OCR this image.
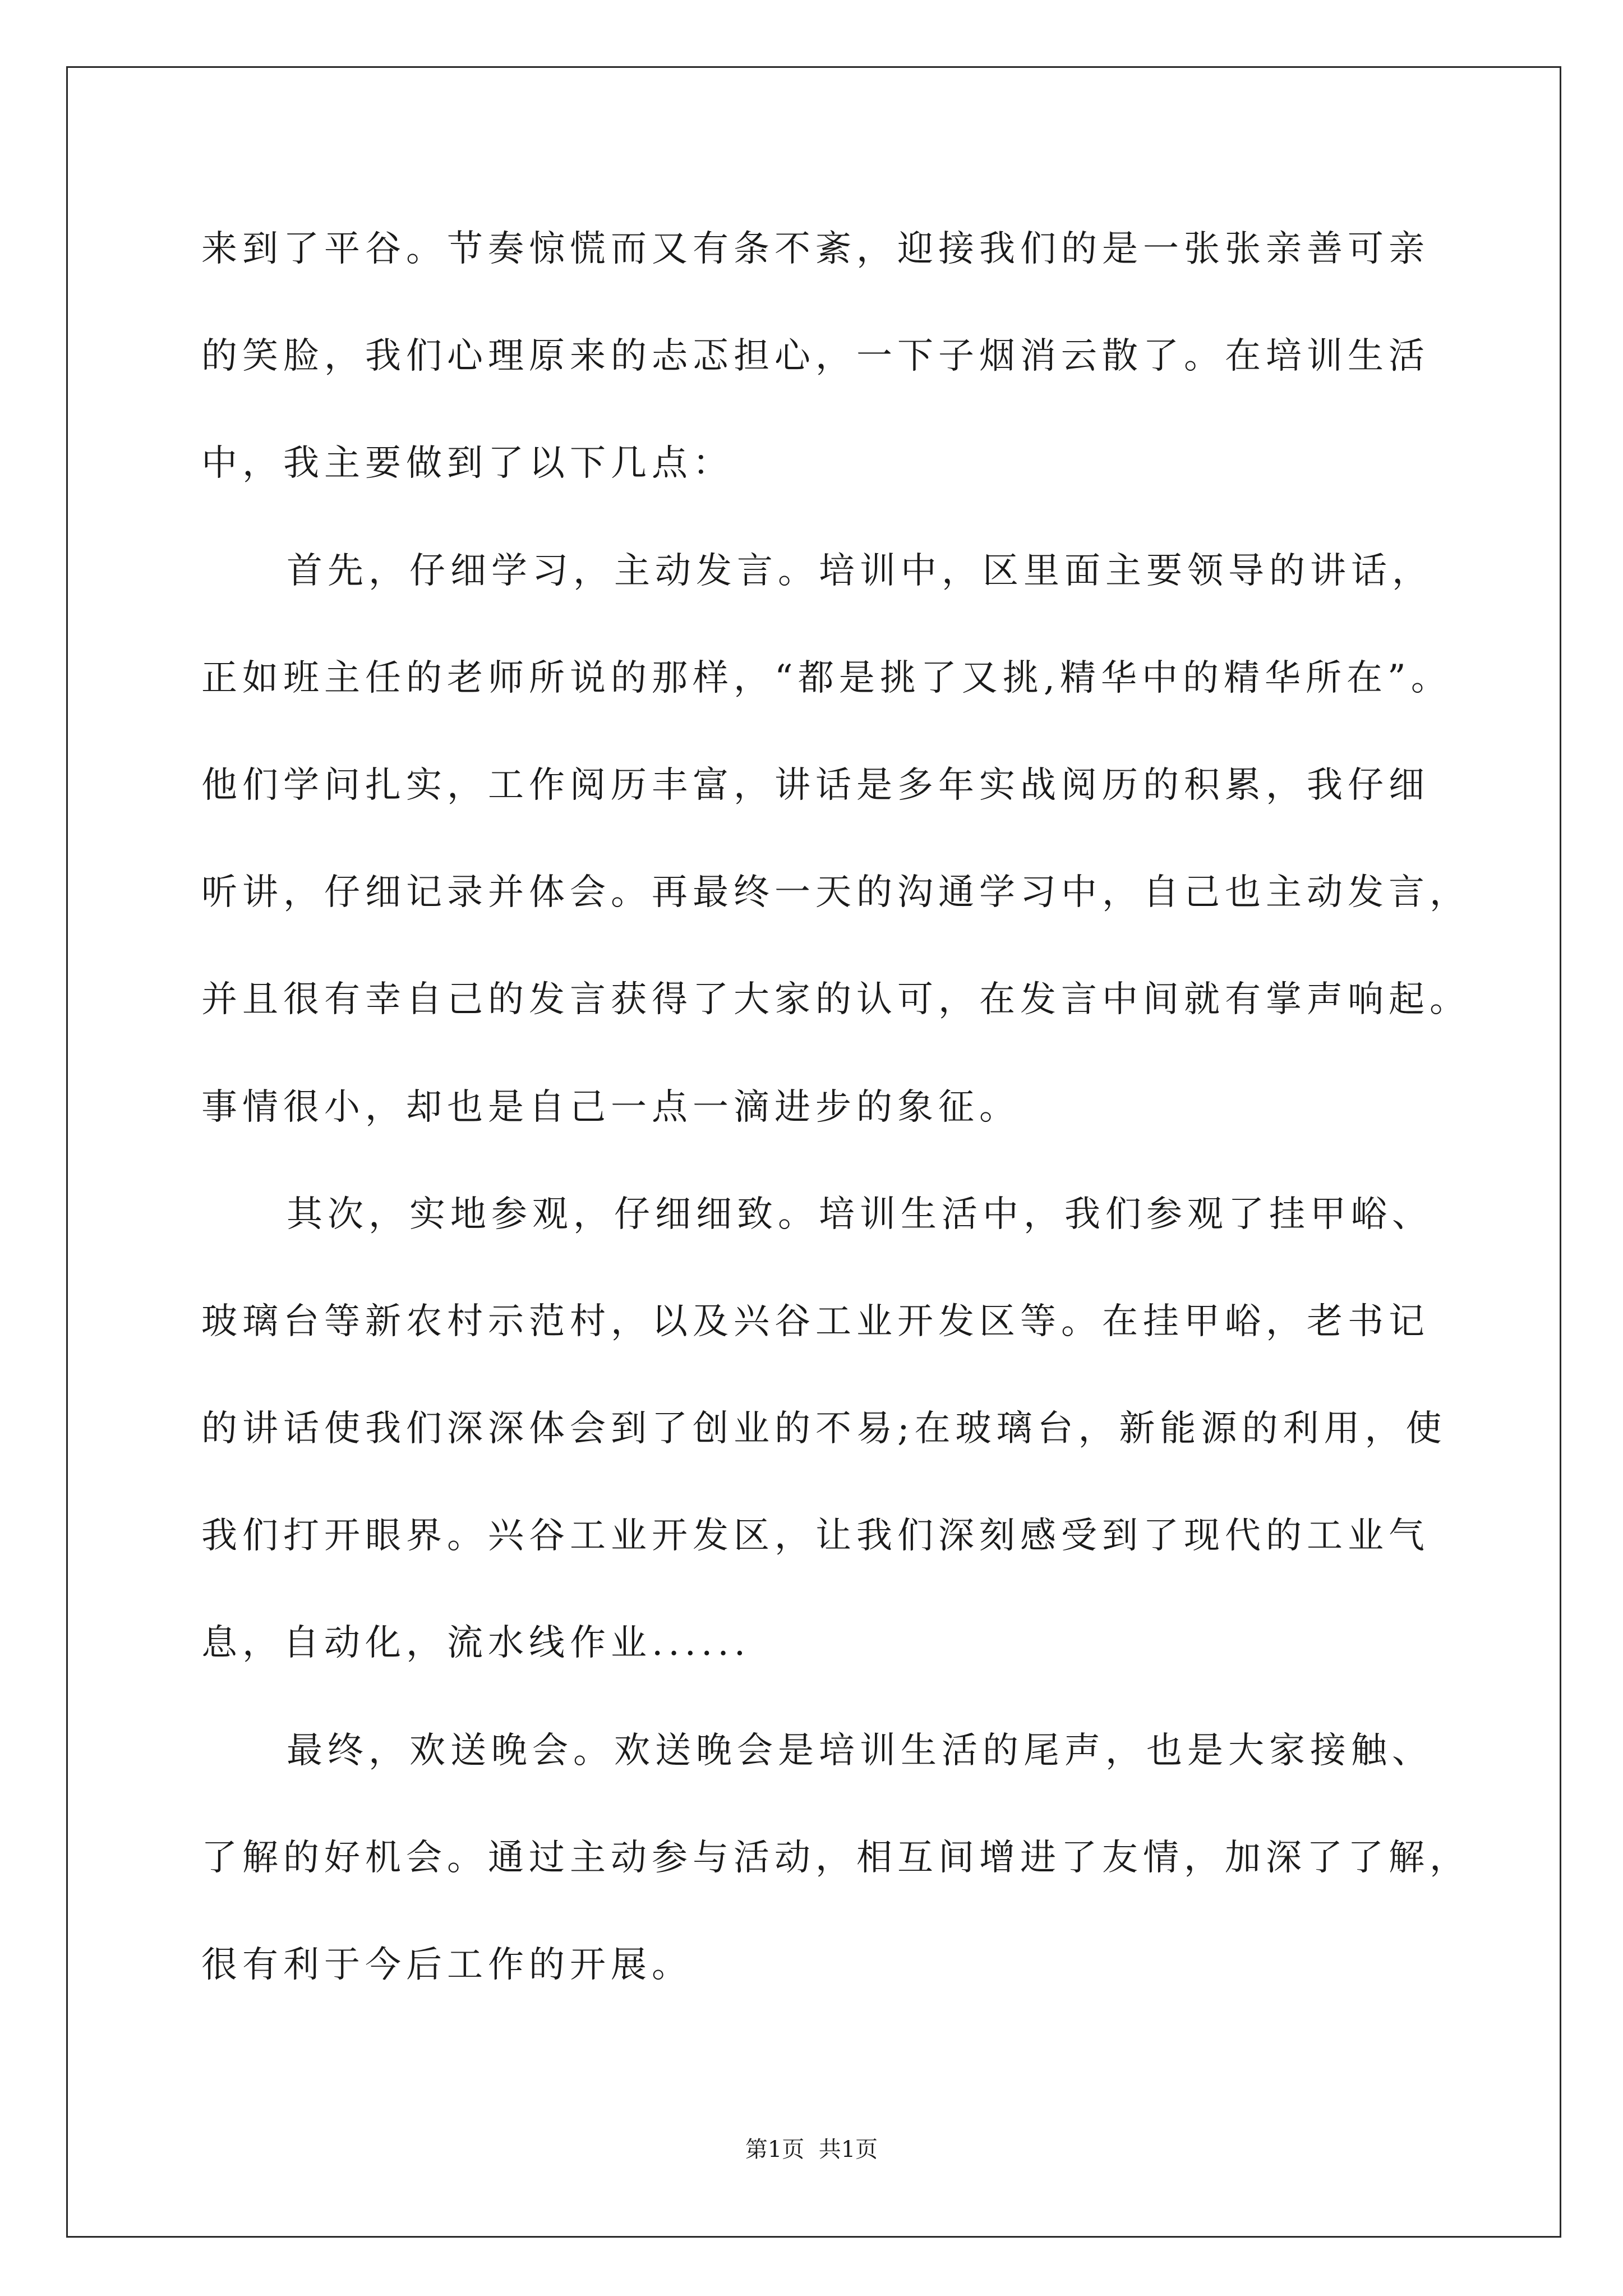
来到了平谷。节奏惊慌而又有条不紊，迎接我们的是一张张亲善可亲
的笑脸，我们心理原来的忐忑担心，一下子烟消云散了。在培训生活
中，我主要做到了以下几点：
首先，仔细学习，主动发言。培训中，区里面主要领导的讲话，
正如班主任的老师所说的那样，“都是挑了又挑,精华中的精华所在”。
他们学问扎实，工作阅历丰富，讲话是多年实战阅历的积累，我仔细
听讲，仔细记录并体会。再最终一天的沟通学习中，自己也主动发言，
并且很有幸自己的发言获得了大家的认可，在发言中间就有掌声响起。
事情很小，却也是自己一点一滴进步的象征。
其次，实地参观，仔细细致。培训生活中，我们参观了挂甲峪、
玻璃台等新农村示范村，以及兴谷工业开发区等。在挂甲峪，老书记
的讲话使我们深深体会到了创业的不易;在玻璃台，新能源的利用，使
我们打开眼界。兴谷工业开发区，让我们深刻感受到了现代的工业气
息，自动化，流水线作业......
最终，欢送晚会。欢送晚会是培训生活的尾声，也是大家接触、
了解的好机会。通过主动参与活动，相互间增进了友情，加深了了解，
很有利于今后工作的开展。
第1页  共1页
